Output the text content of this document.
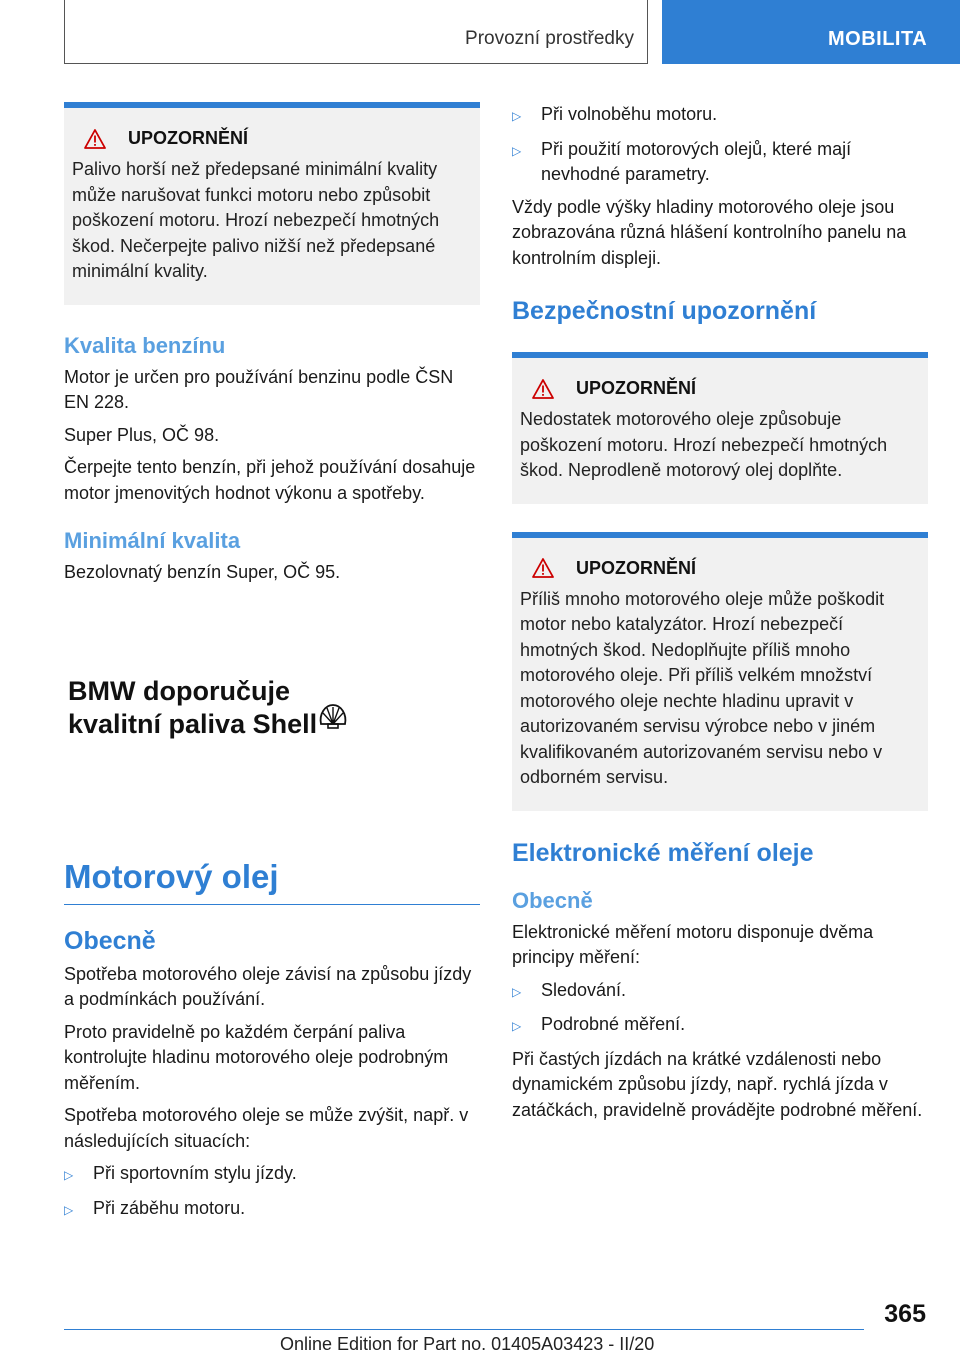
Provozní prostředky	MOBILITA
UPOZORNĚNÍ
Palivo horší než předepsané minimální kvality může narušovat funkci motoru nebo způsobit poškození motoru. Hrozí nebezpečí hmotných škod. Nečerpejte palivo nižší než předepsané minimální kvality.
Kvalita benzínu

Motor je určen pro používání benzinu podle ČSN EN 228.

Super Plus, OČ 98.

Čerpejte tento benzín, při jehož používání dosahuje motor jmenovitých hodnot výkonu a spotřeby.

Minimální kvalita

Bezolovnatý benzín Super, OČ 95.

BMW doporučuje
kvalitní paliva Shell
Motorový olej
Obecně

Spotřeba motorového oleje závisí na způsobu jízdy a podmínkách používání.

Proto pravidelně po každém čerpání paliva kontrolujte hladinu motorového oleje podrobným měřením.

Spotřeba motorového oleje se může zvýšit, např. v následujících situacích:

▷	Při sportovním stylu jízdy.
▷	Při záběhu motoru.
▷	Při volnoběhu motoru.
▷	Při použití motorových olejů, které mají nevhodné parametry.

Vždy podle výšky hladiny motorového oleje jsou zobrazována různá hlášení kontrolního panelu na kontrolním displeji.

Bezpečnostní upozornění
UPOZORNĚNÍ
Nedostatek motorového oleje způsobuje poškození motoru. Hrozí nebezpečí hmotných škod. Neprodleně motorový olej doplňte.
UPOZORNĚNÍ
Příliš mnoho motorového oleje může poškodit motor nebo katalyzátor. Hrozí nebezpečí hmotných škod. Nedoplňujte příliš mnoho motorového oleje. Při příliš velkém množství motorového oleje nechte hladinu upravit v autorizovaném servisu výrobce nebo v jiném kvalifikovaném autorizovaném servisu nebo v odborném servisu.
Elektronické měření oleje
Obecně

Elektronické měření motoru disponuje dvěma principy měření:

▷	Sledování.
▷	Podrobné měření.

Při častých jízdách na krátké vzdálenosti nebo dynamickém způsobu jízdy, např. rychlá jízda v zatáčkách, pravidelně provádějte podrobné měření.

365
Online Edition for Part no. 01405A03423 - II/20
